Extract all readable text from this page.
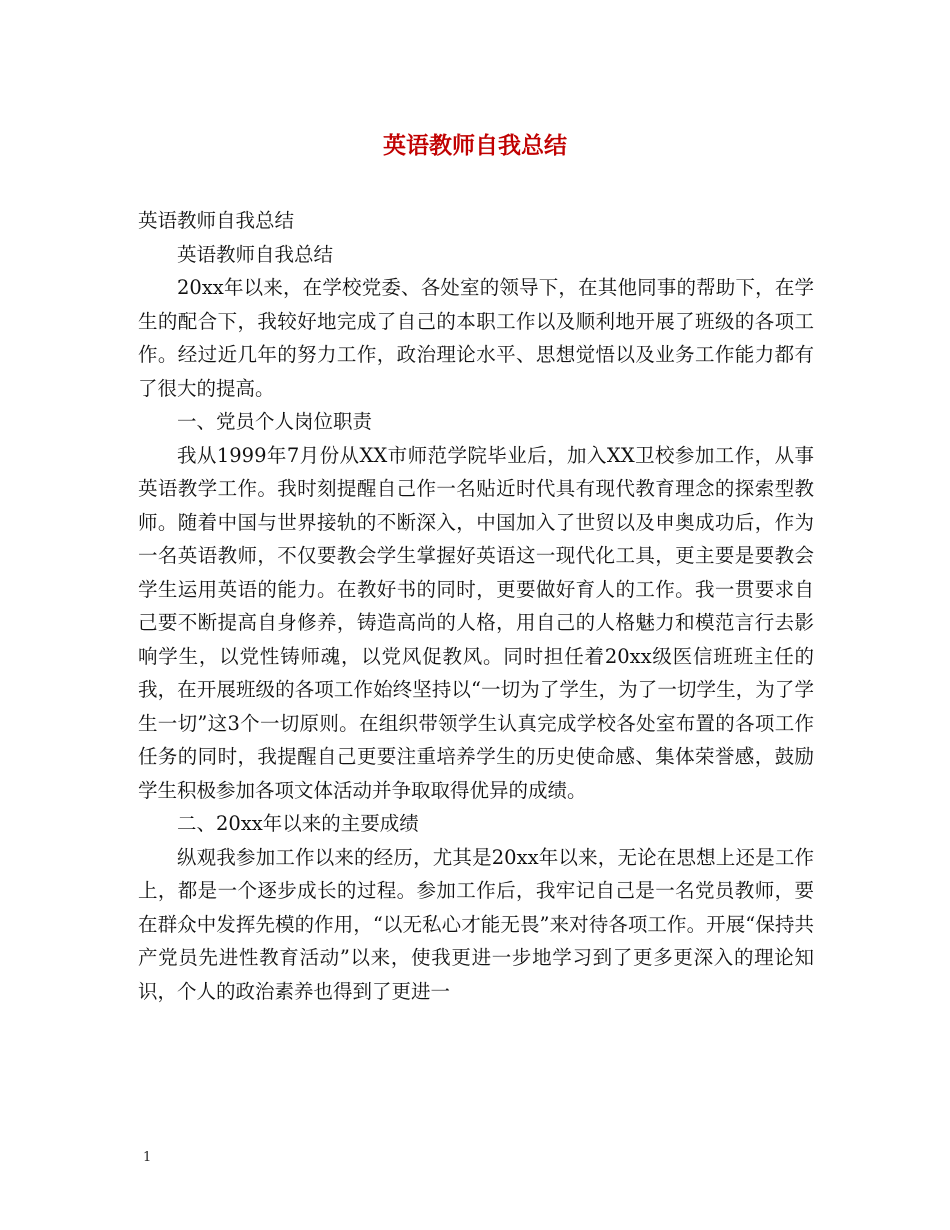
英语教师自我总结

英语教师自我总结

英语教师自我总结

20xx年以来，在学校党委、各处室的领导下，在其他同事的帮助下，在学生的配合下，我较好地完成了自己的本职工作以及顺利地开展了班级的各项工作。经过近几年的努力工作，政治理论水平、思想觉悟以及业务工作能力都有了很大的提高。

一、党员个人岗位职责

我从1999年7月份从XX市师范学院毕业后，加入XX卫校参加工作，从事英语教学工作。我时刻提醒自己作一名贴近时代具有现代教育理念的探索型教师。随着中国与世界接轨的不断深入，中国加入了世贸以及申奥成功后，作为一名英语教师，不仅要教会学生掌握好英语这一现代化工具，更主要是要教会学生运用英语的能力。在教好书的同时，更要做好育人的工作。我一贯要求自己要不断提高自身修养，铸造高尚的人格，用自己的人格魅力和模范言行去影响学生，以党性铸师魂，以党风促教风。同时担任着20xx级医信班班主任的我，在开展班级的各项工作始终坚持以“一切为了学生，为了一切学生，为了学生一切”这3个一切原则。在组织带领学生认真完成学校各处室布置的各项工作任务的同时，我提醒自己更要注重培养学生的历史使命感、集体荣誉感，鼓励学生积极参加各项文体活动并争取取得优异的成绩。

二、20xx年以来的主要成绩

纵观我参加工作以来的经历，尤其是20xx年以来，无论在思想上还是工作上，都是一个逐步成长的过程。参加工作后，我牢记自己是一名党员教师，要在群众中发挥先模的作用，“以无私心才能无畏”来对待各项工作。开展“保持共产党员先进性教育活动”以来，使我更进一步地学习到了更多更深入的理论知识，个人的政治素养也得到了更进一

1
